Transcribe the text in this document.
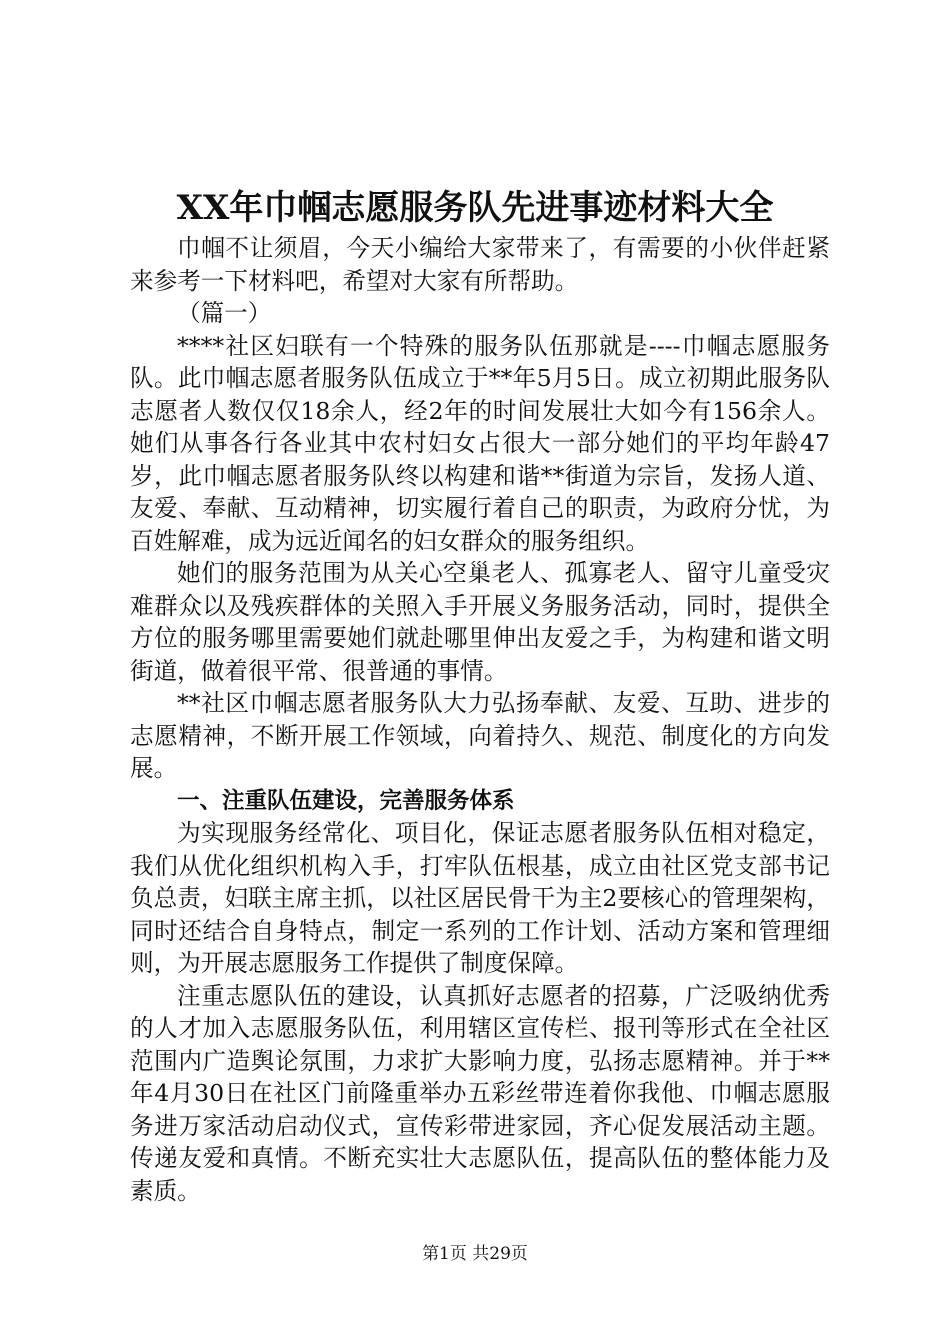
XX年巾帼志愿服务队先进事迹材料大全

巾帼不让须眉，今天小编给大家带来了，有需要的小伙伴赶紧来参考一下材料吧，希望对大家有所帮助。

（篇一）

****社区妇联有一个特殊的服务队伍那就是----巾帼志愿服务队。此巾帼志愿者服务队伍成立于**年5月5日。成立初期此服务队志愿者人数仅仅18余人，经2年的时间发展壮大如今有156余人。她们从事各行各业其中农村妇女占很大一部分她们的平均年龄47岁，此巾帼志愿者服务队终以构建和谐**街道为宗旨，发扬人道、友爱、奉献、互动精神，切实履行着自己的职责，为政府分忧，为百姓解难，成为远近闻名的妇女群众的服务组织。

她们的服务范围为从关心空巢老人、孤寡老人、留守儿童受灾难群众以及残疾群体的关照入手开展义务服务活动，同时，提供全方位的服务哪里需要她们就赴哪里伸出友爱之手，为构建和谐文明街道，做着很平常、很普通的事情。

**社区巾帼志愿者服务队大力弘扬奉献、友爱、互助、进步的志愿精神，不断开展工作领域，向着持久、规范、制度化的方向发展。

一、注重队伍建设，完善服务体系

为实现服务经常化、项目化，保证志愿者服务队伍相对稳定，我们从优化组织机构入手，打牢队伍根基，成立由社区党支部书记负总责，妇联主席主抓，以社区居民骨干为主2要核心的管理架构，同时还结合自身特点，制定一系列的工作计划、活动方案和管理细则，为开展志愿服务工作提供了制度保障。

注重志愿队伍的建设，认真抓好志愿者的招募，广泛吸纳优秀的人才加入志愿服务队伍，利用辖区宣传栏、报刊等形式在全社区范围内广造舆论氛围，力求扩大影响力度，弘扬志愿精神。并于**年4月30日在社区门前隆重举办五彩丝带连着你我他、巾帼志愿服务进万家活动启动仪式，宣传彩带进家园，齐心促发展活动主题。传递友爱和真情。不断充实壮大志愿队伍，提高队伍的整体能力及素质。

第1页 共29页
